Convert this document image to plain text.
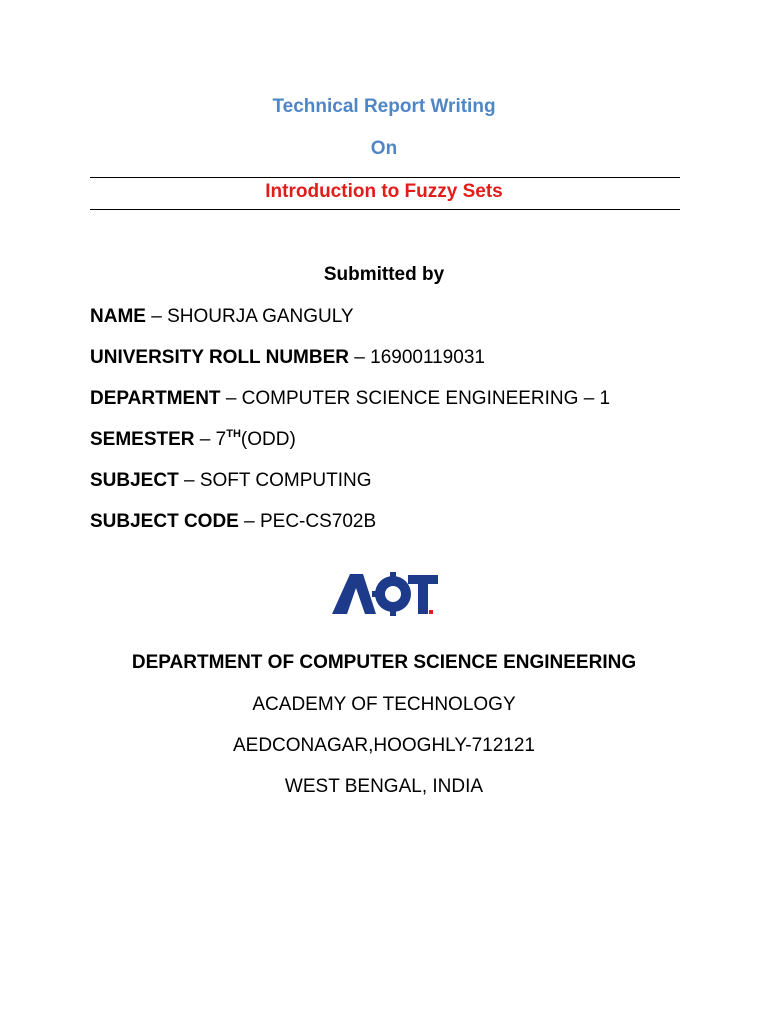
Technical Report Writing
On
Introduction to Fuzzy Sets
Submitted by
NAME – SHOURJA GANGULY
UNIVERSITY ROLL NUMBER – 16900119031
DEPARTMENT – COMPUTER SCIENCE ENGINEERING – 1
SEMESTER – 7TH(ODD)
SUBJECT – SOFT COMPUTING
SUBJECT CODE – PEC-CS702B
DEPARTMENT OF COMPUTER SCIENCE ENGINEERING
ACADEMY OF TECHNOLOGY
AEDCONAGAR,HOOGHLY-712121
WEST BENGAL, INDIA
